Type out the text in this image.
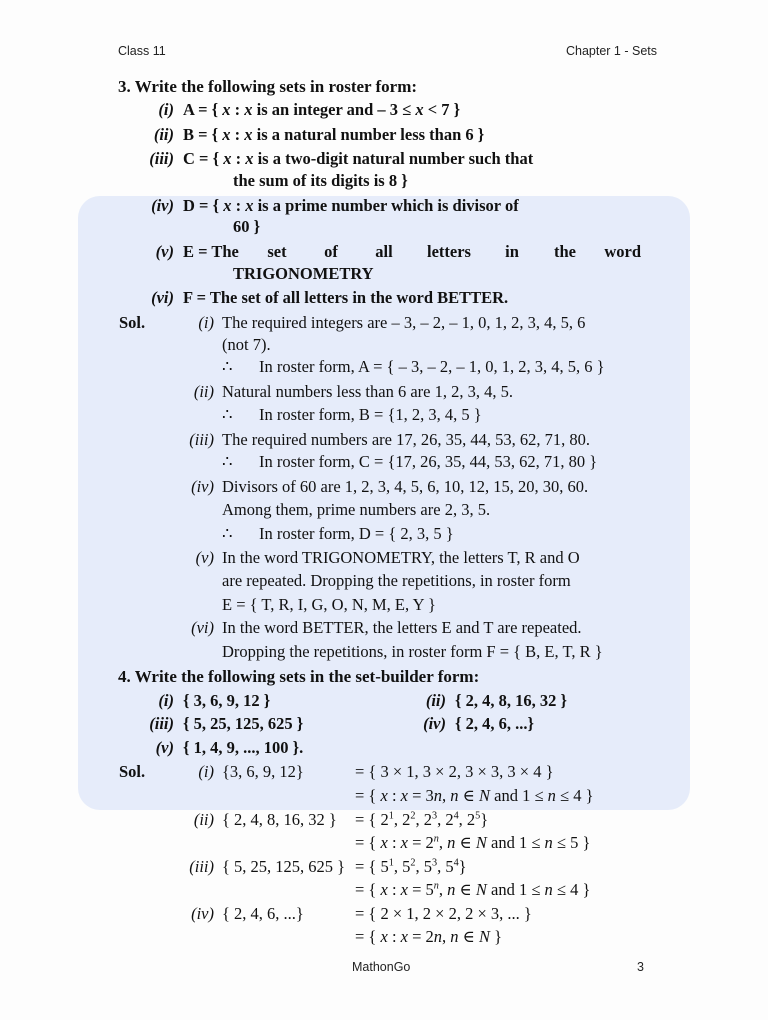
Class 11	Chapter 1 - Sets
3. Write the following sets in roster form:
(i) A = { x : x is an integer and – 3 ≤ x < 7 }
(ii) B = { x : x is a natural number less than 6 }
(iii) C = { x : x is a two-digit natural number such that
the sum of its digits is 8 }
(iv) D = { x : x is a prime number which is divisor of
60 }
(v) E = The set of all letters in the word
TRIGONOMETRY
(vi) F = The set of all letters in the word BETTER.
Sol.	(i) The required integers are – 3, – 2, – 1, 0, 1, 2, 3, 4, 5, 6
(not 7).
∴ In roster form, A = { – 3, – 2, – 1, 0, 1, 2, 3, 4, 5, 6 }
(ii) Natural numbers less than 6 are 1, 2, 3, 4, 5.
∴ In roster form, B = {1, 2, 3, 4, 5 }
(iii) The required numbers are 17, 26, 35, 44, 53, 62, 71, 80.
∴ In roster form, C = {17, 26, 35, 44, 53, 62, 71, 80 }
(iv) Divisors of 60 are 1, 2, 3, 4, 5, 6, 10, 12, 15, 20, 30, 60.
Among them, prime numbers are 2, 3, 5.
∴ In roster form, D = { 2, 3, 5 }
(v) In the word TRIGONOMETRY, the letters T, R and O
are repeated. Dropping the repetitions, in roster form
E = { T, R, I, G, O, N, M, E, Y }
(vi) In the word BETTER, the letters E and T are repeated.
Dropping the repetitions, in roster form F = { B, E, T, R }
4. Write the following sets in the set-builder form:
(i) { 3, 6, 9, 12 }	(ii) { 2, 4, 8, 16, 32 }
(iii) { 5, 25, 125, 625 }	(iv) { 2, 4, 6, ...}
(v) { 1, 4, 9, ..., 100 }.
Sol.	(i) {3, 6, 9, 12}	= { 3 × 1, 3 × 2, 3 × 3, 3 × 4 }
= { x : x = 3n, n ∈ N and 1 ≤ n ≤ 4 }
(ii) { 2, 4, 8, 16, 32 } = { $2^1$, $2^2$, $2^3$, $2^4$, $2^5$}
= { x : $x = 2^n$, n ∈ N and 1 ≤ n ≤ 5 }
(iii) { 5, 25, 125, 625 } = { $5^1$, $5^2$, $5^3$, $5^4$}
= { x : $x = 5^n$, n ∈ N and 1 ≤ n ≤ 4 }
(iv) { 2, 4, 6, ...}	= { 2 × 1, 2 × 2, 2 × 3, ... }
= { x : x = 2n, n ∈ N }
MathonGo	3
